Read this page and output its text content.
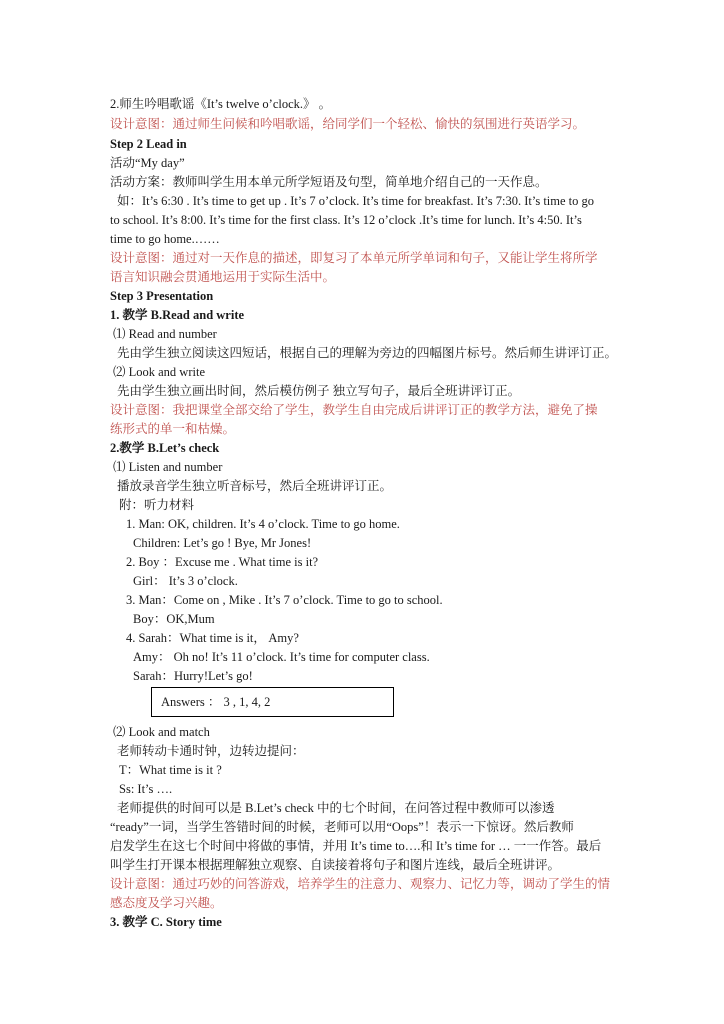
2.师生吟唱歌谣《It’s twelve o’clock.》 。
设计意图：通过师生问候和吟唱歌谣，给同学们一个轻松、愉快的氛围进行英语学习。
Step 2 Lead in
活动“My day”
活动方案：教师叫学生用本单元所学短语及句型，简单地介绍自己的一天作息。
如：It’s 6:30 . It’s time to get up . It’s 7 o’clock. It’s time for breakfast. It’s 7:30. It’s time to go
to school. It’s 8:00. It’s time for the first class. It’s 12 o’clock .It’s time for lunch. It’s 4:50. It’s
time to go home.……
设计意图：通过对一天作息的描述，即复习了本单元所学单词和句子，又能让学生将所学
语言知识融会贯通地运用于实际生活中。
Step 3 Presentation
1. 教学 B.Read and write
⑴ Read and number
先由学生独立阅读这四短话，根据自己的理解为旁边的四幅图片标号。然后师生讲评订正。
⑵ Look and write
先由学生独立画出时间，然后模仿例子 独立写句子，最后全班讲评订正。
设计意图：我把课堂全部交给了学生，教学生自由完成后讲评订正的教学方法，避免了操
练形式的单一和枯燥。
2.教学 B.Let’s check
⑴ Listen and number
播放录音学生独立听音标号，然后全班讲评订正。
附：听力材料
1. Man: OK, children. It’s 4 o’clock. Time to go home.
Children: Let’s go ! Bye, Mr Jones!
2. Boy ：Excuse me . What time is it?
Girl： It’s 3 o’clock.
3. Man：Come on , Mike . It’s 7 o’clock. Time to go to school.
Boy：OK,Mum
4. Sarah：What time is it， Amy?
Amy： Oh no! It’s 11 o’clock. It’s time for computer class.
Sarah：Hurry!Let’s go!
Answers ： 3 , 1, 4, 2
⑵ Look and match
老师转动卡通时钟，边转边提问：
T：What time is it ?
Ss: It’s ….
老师提供的时间可以是 B.Let’s check 中的七个时间，在问答过程中教师可以渗透
“ready”一词，当学生答错时间的时候，老师可以用“Oops”！表示一下惊讶。然后教师
启发学生在这七个时间中将做的事情，并用 It’s time to….和 It’s time for … 一一作答。最后
叫学生打开课本根据理解独立观察、自读接着将句子和图片连线，最后全班讲评。
设计意图：通过巧妙的问答游戏，培养学生的注意力、观察力、记忆力等，调动了学生的情
感态度及学习兴趣。
3. 教学 C. Story time
